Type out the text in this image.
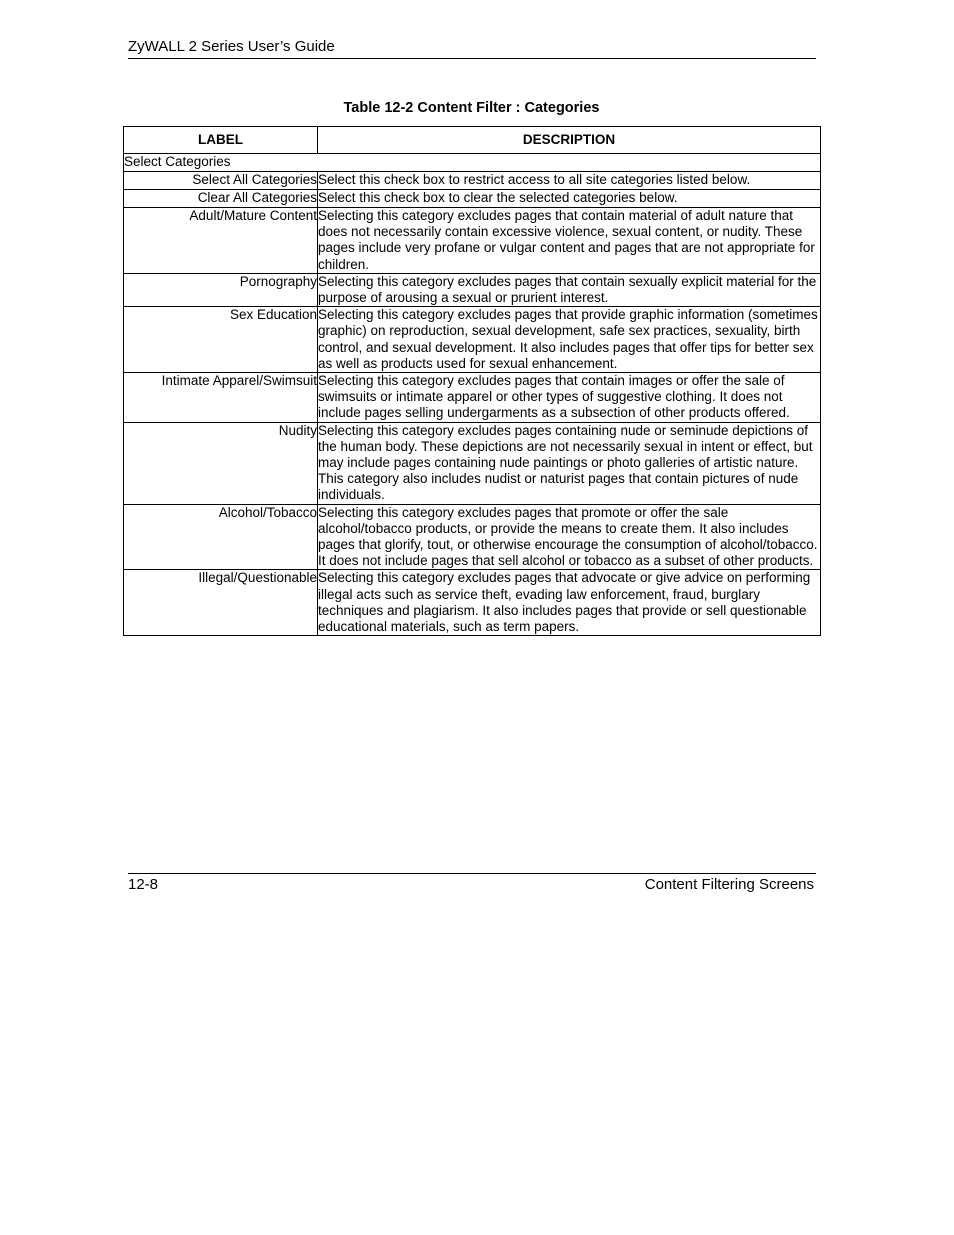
ZyWALL 2 Series User’s Guide
Table 12-2 Content Filter : Categories
LABEL	DESCRIPTION
Select Categories	
Select All Categories	Select this check box to restrict access to all site categories listed below.
Clear All Categories	Select this check box to clear the selected categories below.
Adult/Mature Content	Selecting this category excludes pages that contain material of adult nature that does not necessarily contain excessive violence, sexual content, or nudity. These pages include very profane or vulgar content and pages that are not appropriate for children.
Pornography	Selecting this category excludes pages that contain sexually explicit material for the purpose of arousing a sexual or prurient interest.
Sex Education	Selecting this category excludes pages that provide graphic information (sometimes graphic) on reproduction, sexual development, safe sex practices, sexuality, birth control, and sexual development. It also includes pages that offer tips for better sex as well as products used for sexual enhancement.
Intimate Apparel/Swimsuit	Selecting this category excludes pages that contain images or offer the sale of swimsuits or intimate apparel or other types of suggestive clothing. It does not include pages selling undergarments as a subsection of other products offered.
Nudity	Selecting this category excludes pages containing nude or seminude depictions of the human body. These depictions are not necessarily sexual in intent or effect, but may include pages containing nude paintings or photo galleries of artistic nature. This category also includes nudist or naturist pages that contain pictures of nude individuals.
Alcohol/Tobacco	Selecting this category excludes pages that promote or offer the sale alcohol/tobacco products, or provide the means to create them. It also includes pages that glorify, tout, or otherwise encourage the consumption of alcohol/tobacco. It does not include pages that sell alcohol or tobacco as a subset of other products.
Illegal/Questionable	Selecting this category excludes pages that advocate or give advice on performing illegal acts such as service theft, evading law enforcement, fraud, burglary techniques and plagiarism. It also includes pages that provide or sell questionable educational materials, such as term papers.
12-8	Content Filtering Screens
